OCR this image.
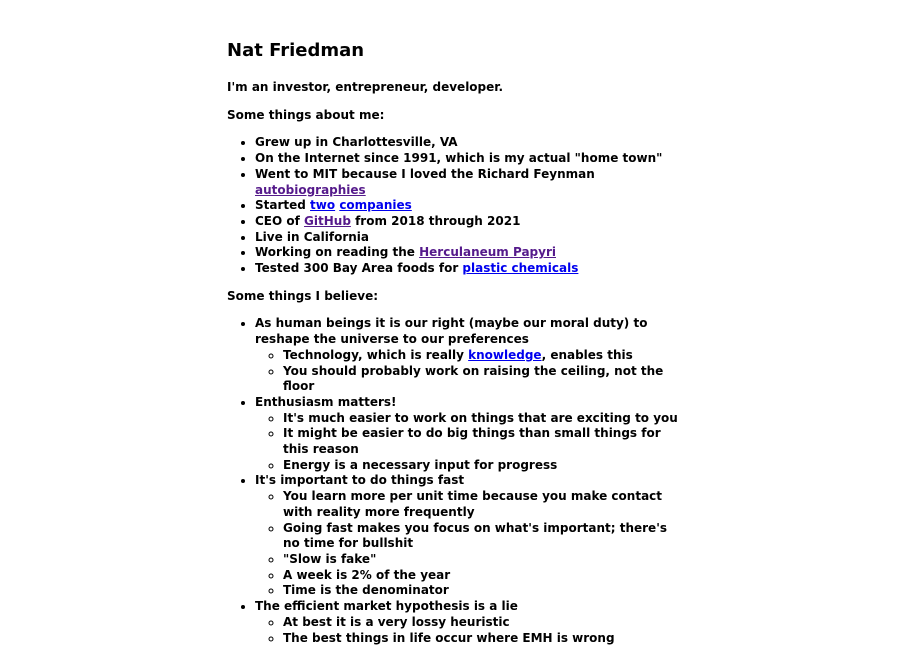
Nat Friedman

I'm an investor, entrepreneur, developer.

Some things about me:

• Grew up in Charlottesville, VA
• On the Internet since 1991, which is my actual "home town"
• Went to MIT because I loved the Richard Feynman autobiographies
• Started two companies
• CEO of GitHub from 2018 through 2021
• Live in California
• Working on reading the Herculaneum Papyri
• Tested 300 Bay Area foods for plastic chemicals

Some things I believe:

• As human beings it is our right (maybe our moral duty) to reshape the universe to our preferences
◦ Technology, which is really knowledge, enables this
◦ You should probably work on raising the ceiling, not the floor
• Enthusiasm matters!
◦ It's much easier to work on things that are exciting to you
◦ It might be easier to do big things than small things for this reason
◦ Energy is a necessary input for progress
• It's important to do things fast
◦ You learn more per unit time because you make contact with reality more frequently
◦ Going fast makes you focus on what's important; there's no time for bullshit
◦ "Slow is fake"
◦ A week is 2% of the year
◦ Time is the denominator
• The efficient market hypothesis is a lie
◦ At best it is a very lossy heuristic
◦ The best things in life occur where EMH is wrong
